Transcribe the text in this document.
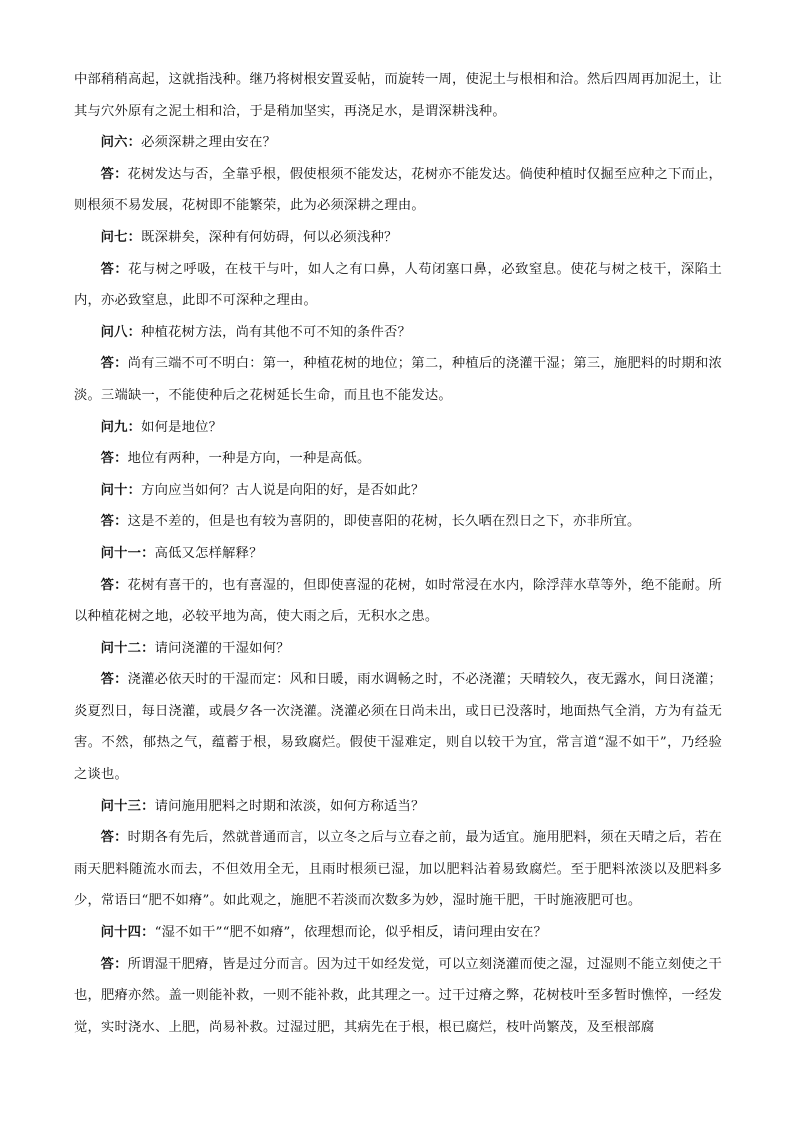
中部稍稍高起，这就指浅种。继乃将树根安置妥帖，而旋转一周，使泥土与根相和洽。然后四周再加泥土，让其与穴外原有之泥土相和洽，于是稍加坚实，再浇足水，是谓深耕浅种。

问六：必须深耕之理由安在？

答：花树发达与否，全靠乎根，假使根须不能发达，花树亦不能发达。倘使种植时仅掘至应种之下而止，则根须不易发展，花树即不能繁荣，此为必须深耕之理由。

问七：既深耕矣，深种有何妨碍，何以必须浅种？

答：花与树之呼吸，在枝干与叶，如人之有口鼻，人苟闭塞口鼻，必致窒息。使花与树之枝干，深陷土内，亦必致窒息，此即不可深种之理由。

问八：种植花树方法，尚有其他不可不知的条件否？

答：尚有三端不可不明白：第一，种植花树的地位；第二，种植后的浇灌干湿；第三，施肥料的时期和浓淡。三端缺一，不能使种后之花树延长生命，而且也不能发达。

问九：如何是地位？

答：地位有两种，一种是方向，一种是高低。

问十：方向应当如何？古人说是向阳的好，是否如此？

答：这是不差的，但是也有较为喜阴的，即使喜阳的花树，长久晒在烈日之下，亦非所宜。

问十一：高低又怎样解释？

答：花树有喜干的，也有喜湿的，但即使喜湿的花树，如时常浸在水内，除浮萍水草等外，绝不能耐。所以种植花树之地，必较平地为高，使大雨之后，无积水之患。

问十二：请问浇灌的干湿如何？

答：浇灌必依天时的干湿而定：风和日暖，雨水调畅之时，不必浇灌；天晴较久，夜无露水，间日浇灌；炎夏烈日，每日浇灌，或晨夕各一次浇灌。浇灌必须在日尚未出，或日已没落时，地面热气全消，方为有益无害。不然，郁热之气，蕴蓄于根，易致腐烂。假使干湿难定，则自以较干为宜，常言道“湿不如干”，乃经验之谈也。

问十三：请问施用肥料之时期和浓淡，如何方称适当？

答：时期各有先后，然就普通而言，以立冬之后与立春之前，最为适宜。施用肥料，须在天晴之后，若在雨天肥料随流水而去，不但效用全无，且雨时根须已湿，加以肥料沾着易致腐烂。至于肥料浓淡以及肥料多少，常语曰“肥不如瘠”。如此观之，施肥不若淡而次数多为妙，湿时施干肥，干时施液肥可也。

问十四：“湿不如干”“肥不如瘠”，依理想而论，似乎相反，请问理由安在？

答：所谓湿干肥瘠，皆是过分而言。因为过干如经发觉，可以立刻浇灌而使之湿，过湿则不能立刻使之干也，肥瘠亦然。盖一则能补救，一则不能补救，此其理之一。过干过瘠之弊，花树枝叶至多暂时憔悴，一经发觉，实时浇水、上肥，尚易补救。过湿过肥，其病先在于根，根已腐烂，枝叶尚繁茂，及至根部腐
